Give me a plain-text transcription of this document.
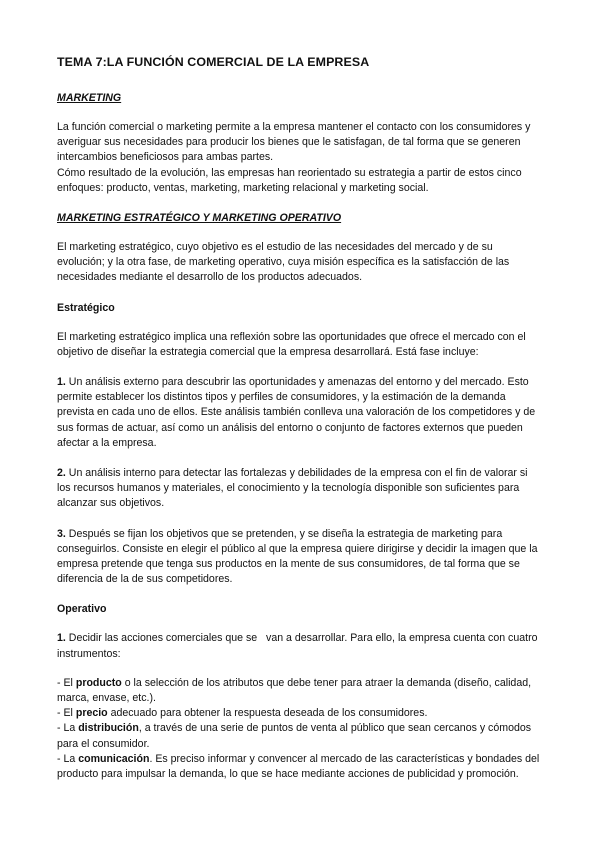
TEMA 7:LA FUNCIÓN COMERCIAL DE LA EMPRESA
MARKETING

La función comercial o marketing permite a la empresa mantener el contacto con los consumidores y averiguar sus necesidades para producir los bienes que le satisfagan, de tal forma que se generen intercambios beneficiosos para ambas partes.

Cómo resultado de la evolución, las empresas han reorientado su estrategia a partir de estos cinco enfoques: producto, ventas, marketing, marketing relacional y marketing social.

MARKETING ESTRATÉGICO Y MARKETING OPERATIVO

El marketing estratégico, cuyo objetivo es el estudio de las necesidades del mercado y de su evolución; y la otra fase, de marketing operativo, cuya misión específica es la satisfacción de las necesidades mediante el desarrollo de los productos adecuados.

Estratégico

El marketing estratégico implica una reflexión sobre las oportunidades que ofrece el mercado con el objetivo de diseñar la estrategia comercial que la empresa desarrollará. Está fase incluye:

1. Un análisis externo para descubrir las oportunidades y amenazas del entorno y del mercado. Esto permite establecer los distintos tipos y perfiles de consumidores, y la estimación de la demanda prevista en cada uno de ellos. Este análisis también conlleva una valoración de los competidores y de sus formas de actuar, así como un análisis del entorno o conjunto de factores externos que pueden afectar a la empresa.

2. Un análisis interno para detectar las fortalezas y debilidades de la empresa con el fin de valorar si los recursos humanos y materiales, el conocimiento y la tecnología disponible son suficientes para alcanzar sus objetivos.

3. Después se fijan los objetivos que se pretenden, y se diseña la estrategia de marketing para conseguirlos. Consiste en elegir el público al que la empresa quiere dirigirse y decidir la imagen que la empresa pretende que tenga sus productos en la mente de sus consumidores, de tal forma que se diferencia de la de sus competidores.

Operativo

1. Decidir las acciones comerciales que se   van a desarrollar. Para ello, la empresa cuenta con cuatro instrumentos:

- El producto o la selección de los atributos que debe tener para atraer la demanda (diseño, calidad, marca, envase, etc.).

- El precio adecuado para obtener la respuesta deseada de los consumidores.

- La distribución, a través de una serie de puntos de venta al público que sean cercanos y cómodos para el consumidor.

- La comunicación. Es preciso informar y convencer al mercado de las características y bondades del producto para impulsar la demanda, lo que se hace mediante acciones de publicidad y promoción.
